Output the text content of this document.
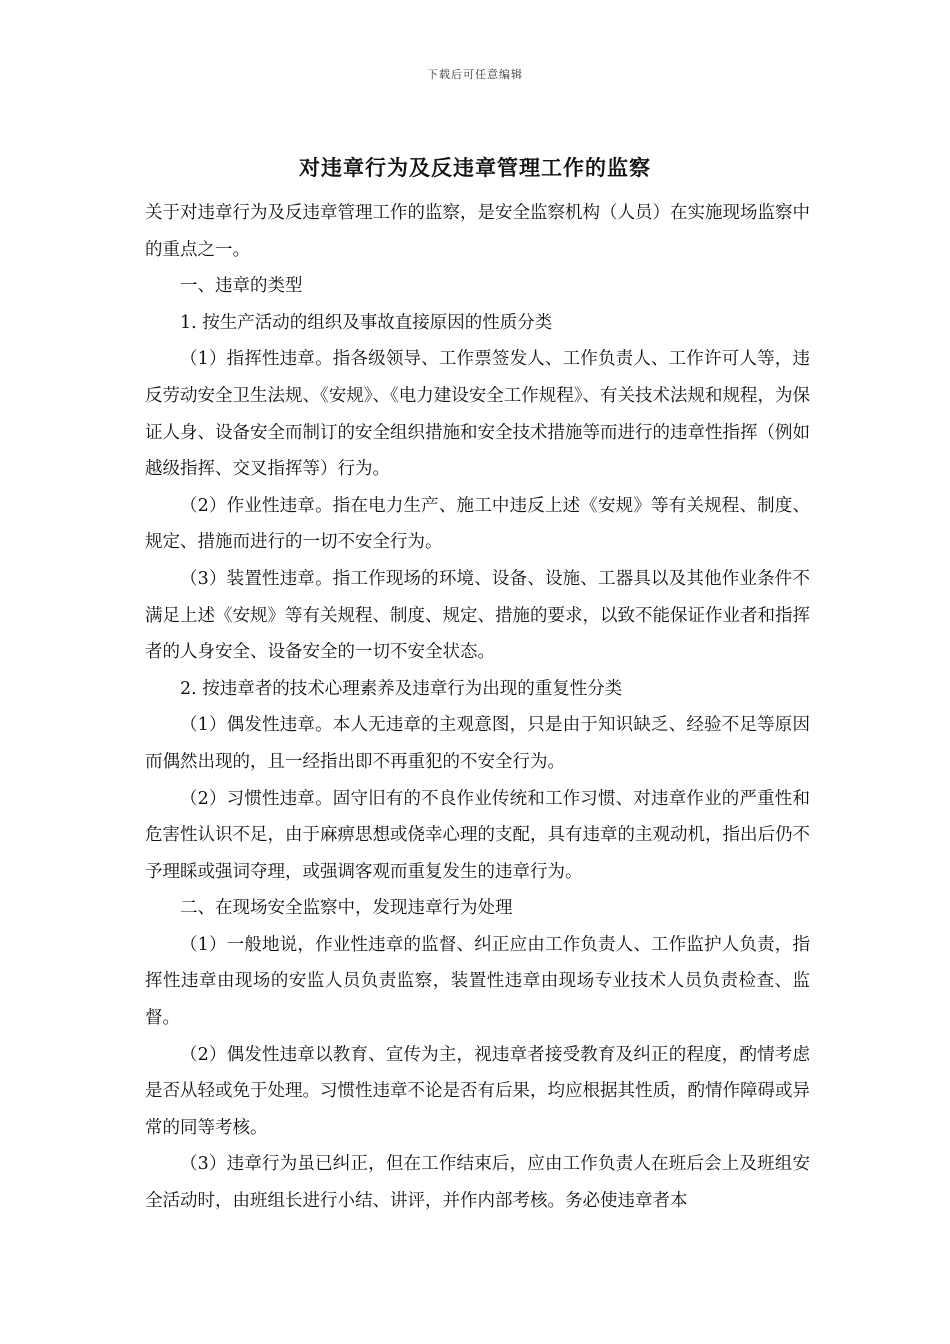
下载后可任意编辑
对违章行为及反违章管理工作的监察

关于对违章行为及反违章管理工作的监察，是安全监察机构（人员）在实施现场监察中的重点之一。

一、违章的类型

1. 按生产活动的组织及事故直接原因的性质分类

（1）指挥性违章。指各级领导、工作票签发人、工作负责人、工作许可人等，违反劳动安全卫生法规、《安规》、《电力建设安全工作规程》、有关技术法规和规程，为保证人身、设备安全而制订的安全组织措施和安全技术措施等而进行的违章性指挥（例如越级指挥、交叉指挥等）行为。

（2）作业性违章。指在电力生产、施工中违反上述《安规》等有关规程、制度、规定、措施而进行的一切不安全行为。

（3）装置性违章。指工作现场的环境、设备、设施、工器具以及其他作业条件不满足上述《安规》等有关规程、制度、规定、措施的要求，以致不能保证作业者和指挥者的人身安全、设备安全的一切不安全状态。

2. 按违章者的技术心理素养及违章行为出现的重复性分类

（1）偶发性违章。本人无违章的主观意图，只是由于知识缺乏、经验不足等原因而偶然出现的，且一经指出即不再重犯的不安全行为。

（2）习惯性违章。固守旧有的不良作业传统和工作习惯、对违章作业的严重性和危害性认识不足，由于麻痹思想或侥幸心理的支配，具有违章的主观动机，指出后仍不予理睬或强词夺理，或强调客观而重复发生的违章行为。

二、在现场安全监察中，发现违章行为处理

（1）一般地说，作业性违章的监督、纠正应由工作负责人、工作监护人负责，指挥性违章由现场的安监人员负责监察，装置性违章由现场专业技术人员负责检查、监督。

（2）偶发性违章以教育、宣传为主，视违章者接受教育及纠正的程度，酌情考虑是否从轻或免于处理。习惯性违章不论是否有后果，均应根据其性质，酌情作障碍或异常的同等考核。

（3）违章行为虽已纠正，但在工作结束后，应由工作负责人在班后会上及班组安全活动时，由班组长进行小结、讲评，并作内部考核。务必使违章者本
